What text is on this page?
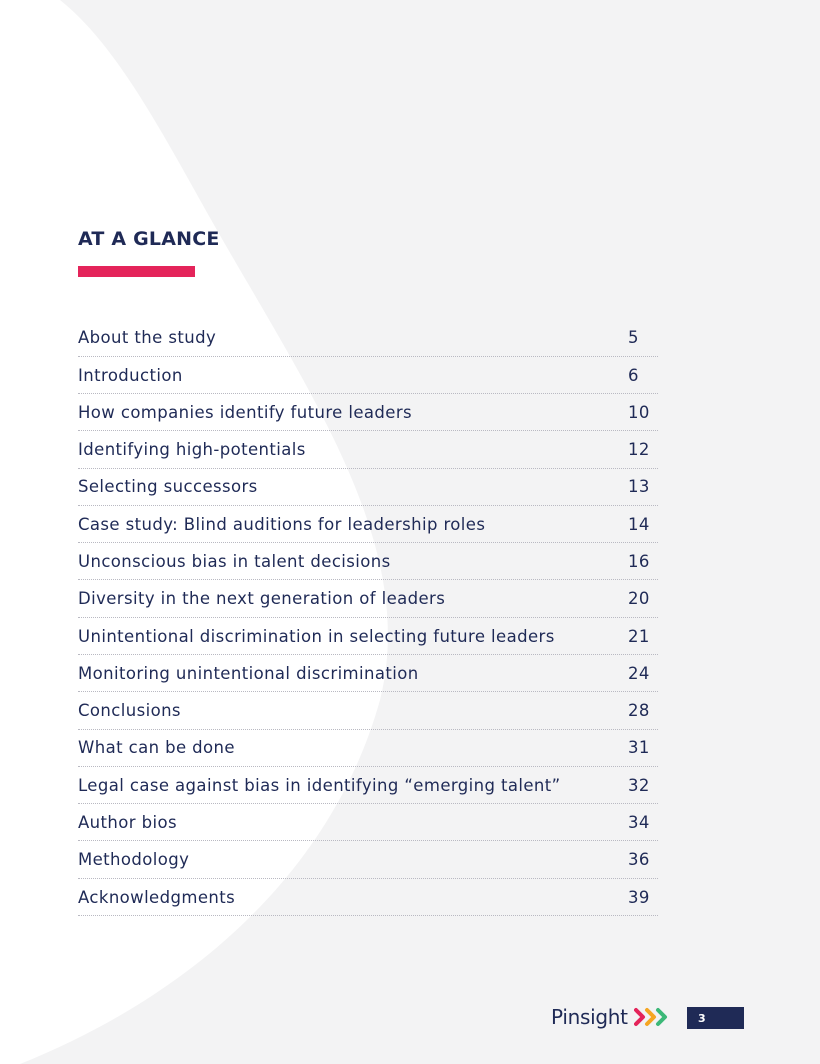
AT A GLANCE
About the study	5
Introduction	6
How companies identify future leaders	10
Identifying high-potentials	12
Selecting successors	13
Case study: Blind auditions for leadership roles	14
Unconscious bias in talent decisions	16
Diversity in the next generation of leaders	20
Unintentional discrimination in selecting future leaders	21
Monitoring unintentional discrimination	24
Conclusions	28
What can be done	31
Legal case against bias in identifying “emerging talent”	32
Author bios	34
Methodology	36
Acknowledgments	39
Pinsight	3
